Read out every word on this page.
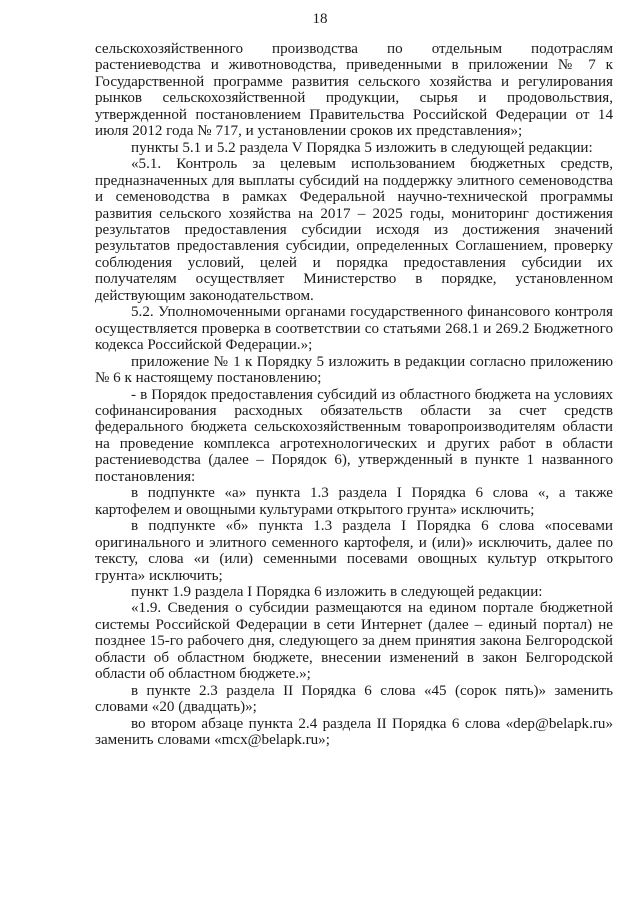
18

сельскохозяйственного производства по отдельным подотраслям растениеводства и животноводства, приведенными в приложении № 7 к Государственной программе развития сельского хозяйства и регулирования рынков сельскохозяйственной продукции, сырья и продовольствия, утвержденной постановлением Правительства Российской Федерации от 14 июля 2012 года № 717, и установлении сроков их представления»;

пункты 5.1 и 5.2 раздела V Порядка 5 изложить в следующей редакции:

«5.1. Контроль за целевым использованием бюджетных средств, предназначенных для выплаты субсидий на поддержку элитного семеноводства и семеноводства в рамках Федеральной научно-технической программы развития сельского хозяйства на 2017 – 2025 годы, мониторинг достижения результатов предоставления субсидии исходя из достижения значений результатов предоставления субсидии, определенных Соглашением, проверку соблюдения условий, целей и порядка предоставления субсидии их получателям осуществляет Министерство в порядке, установленном действующим законодательством.

5.2. Уполномоченными органами государственного финансового контроля осуществляется проверка в соответствии со статьями 268.1 и 269.2 Бюджетного кодекса Российской Федерации.»;

приложение № 1 к Порядку 5 изложить в редакции согласно приложению № 6 к настоящему постановлению;

- в Порядок предоставления субсидий из областного бюджета на условиях софинансирования расходных обязательств области за счет средств федерального бюджета сельскохозяйственным товаропроизводителям области на проведение комплекса агротехнологических и других работ в области растениеводства (далее – Порядок 6), утвержденный в пункте 1 названного постановления:

в подпункте «а» пункта 1.3 раздела I Порядка 6 слова «, а также картофелем и овощными культурами открытого грунта» исключить;

в подпункте «б» пункта 1.3 раздела I Порядка 6 слова «посевами оригинального и элитного семенного картофеля, и (или)» исключить, далее по тексту, слова «и (или) семенными посевами овощных культур открытого грунта» исключить;

пункт 1.9 раздела I Порядка 6 изложить в следующей редакции:

«1.9. Сведения о субсидии размещаются на едином портале бюджетной системы Российской Федерации в сети Интернет (далее – единый портал) не позднее 15-го рабочего дня, следующего за днем принятия закона Белгородской области об областном бюджете, внесении изменений в закон Белгородской области об областном бюджете.»;

в пункте 2.3 раздела II Порядка 6 слова «45 (сорок пять)» заменить словами «20 (двадцать)»;

во втором абзаце пункта 2.4 раздела II Порядка 6 слова «dep@belapk.ru» заменить словами «mcx@belapk.ru»;
